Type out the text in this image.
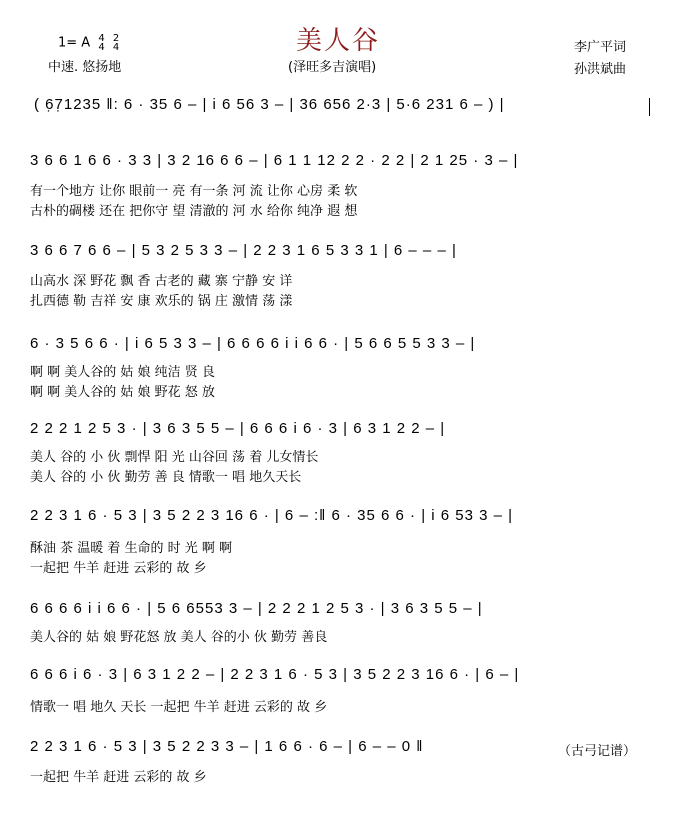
1= A 4
4 2
4
中速. 悠扬地
美人谷
(泽旺多吉演唱)
李广平词
孙洪斌曲
( 6̣7̣1235 ‖: 6 · 35 6 – | i 6 56 3 – | 36 656 2·3 | 5·6 231 6 – ) |
3 6 6 1 6 6 · 3 3 | 3 2 16 6 6 – | 6 1 1 12 2 2 · 2 2 | 2 1 25 · 3 – |
有一个地方 让你 眼前一 亮 有一条 河 流 让你 心房 柔 软
古朴的碉楼 还在 把你守 望 清澈的 河 水 给你 纯净 遐 想
3 6 6 7 6 6 – | 5 3 2 5 3 3 – | 2 2 3 1 6 5 3 3 1 | 6 – – – |
山高水 深 野花 飘 香 古老的 藏 寨 宁静 安 详
扎西德 勒 吉祥 安 康 欢乐的 锅 庄 激情 荡 漾
6 · 3 5 6 6 · | i 6 5 3 3 – | 6 6 6 6 i i 6 6 · | 5 6 6 5 5 3 3 – |
啊 啊 美人谷的 姑 娘 纯洁 贤 良
啊 啊 美人谷的 姑 娘 野花 怒 放
2 2 2 1 2 5 3 · | 3 6 3 5 5 – | 6 6 6 i 6 · 3 | 6 3 1 2 2 – |
美人 谷的 小 伙 剽悍 阳 光 山谷回 荡 着 儿女情长
美人 谷的 小 伙 勤劳 善 良 情歌一 唱 地久天长
2 2 3 1 6 · 5 3 | 3 5 2 2 3 16 6 · | 6 – :‖ 6 · 35 6 6 · | i 6 53 3 – |
酥油 茶 温暖 着 生命的 时 光 啊 啊
一起把 牛羊 赶进 云彩的 故 乡
6 6 6 6 i i 6 6 · | 5 6 6553 3 – | 2 2 2 1 2 5 3 · | 3 6 3 5 5 – |
美人谷的 姑 娘 野花怒 放 美人 谷的小 伙 勤劳 善良
6 6 6 i 6 · 3 | 6 3 1 2 2 – | 2 2 3 1 6 · 5 3 | 3 5 2 2 3 16 6 · | 6 – |
情歌一 唱 地久 天长 一起把 牛羊 赶进 云彩的 故 乡
2 2 3 1 6 · 5 3 | 3 5 2 2 3 3 – | 1 6 6 · 6 – | 6 – – 0 ‖
一起把 牛羊 赶进 云彩的 故 乡
（古弓记谱）
